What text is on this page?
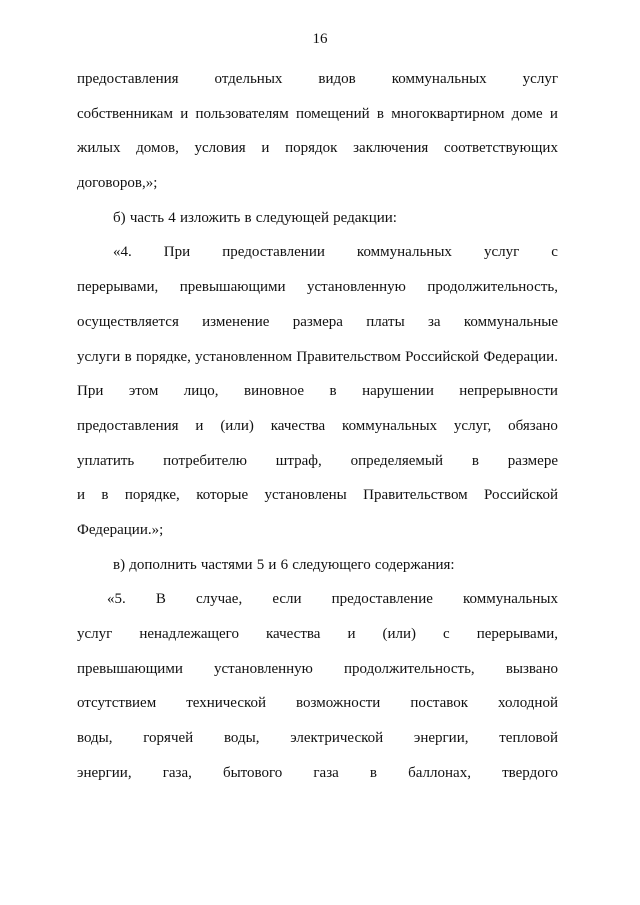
16
предоставления отдельных видов коммунальных услуг
собственникам и пользователям помещений в многоквартирном доме и
жилых домов, условия и порядок заключения соответствующих
договоров,»;
б) часть 4 изложить в следующей редакции:
«4. При предоставлении коммунальных услуг с
перерывами, превышающими установленную продолжительность,
осуществляется изменение размера платы за коммунальные
услуги в порядке, установленном Правительством Российской Федерации.
При этом лицо, виновное в нарушении непрерывности
предоставления и (или) качества коммунальных услуг, обязано
уплатить потребителю штраф, определяемый в размере
и в порядке, которые установлены Правительством Российской
Федерации.»;
в) дополнить частями 5 и 6 следующего содержания:
«5. В случае, если предоставление коммунальных
услуг ненадлежащего качества и (или) с перерывами,
превышающими установленную продолжительность, вызвано
отсутствием технической возможности поставок холодной
воды, горячей воды, электрической энергии, тепловой
энергии, газа, бытового газа в баллонах, твердого
